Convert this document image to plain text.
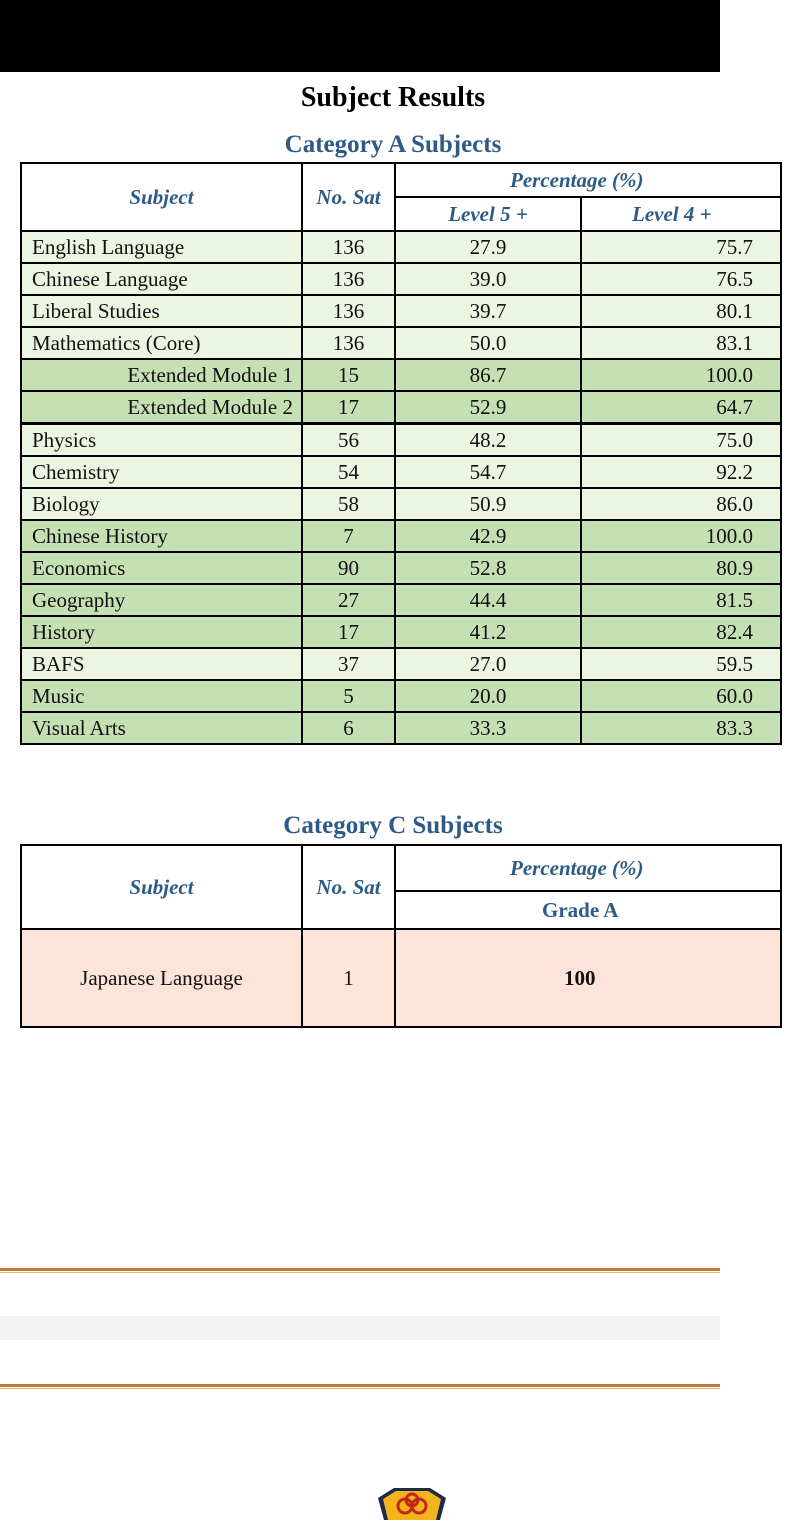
Subject Results
Category A Subjects
Subject	No. Sat	Percentage (%)	
		Level 5 +	Level 4 +
English Language	136	27.9	75.7
Chinese Language	136	39.0	76.5
Liberal Studies	136	39.7	80.1
Mathematics (Core)	136	50.0	83.1
Extended Module 1	15	86.7	100.0
Extended Module 2	17	52.9	64.7
Physics	56	48.2	75.0
Chemistry	54	54.7	92.2
Biology	58	50.9	86.0
Chinese History	7	42.9	100.0
Economics	90	52.8	80.9
Geography	27	44.4	81.5
History	17	41.2	82.4
BAFS	37	27.0	59.5
Music	5	20.0	60.0
Visual Arts	6	33.3	83.3
Category C Subjects
Subject	No. Sat	Percentage (%)
		Grade A
Japanese Language	1	100
